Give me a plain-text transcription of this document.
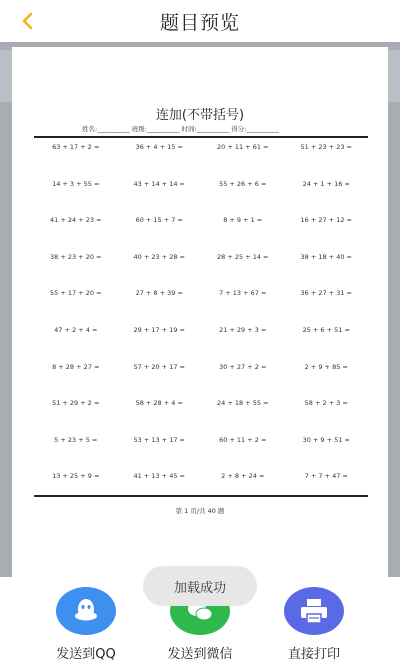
题目预览
连加(不带括号)
姓名:__________ 班级:__________ 时间:__________ 得分:__________
63 + 17 + 2 =	36 + 4 + 15 =	20 + 11 + 61 =	51 + 23 + 23 =
14 + 3 + 55 =	43 + 14 + 14 =	55 + 26 + 6 =	24 + 1 + 16 =
41 + 24 + 23 =	60 + 15 + 7 =	8 + 9 + 1 =	16 + 27 + 12 =
38 + 23 + 20 =	40 + 23 + 28 =	28 + 25 + 14 =	38 + 18 + 40 =
55 + 17 + 20 =	27 + 8 + 39 =	7 + 13 + 67 =	36 + 27 + 31 =
47 + 2 + 4 =	29 + 17 + 19 =	21 + 29 + 3 =	25 + 6 + 51 =
8 + 28 + 27 =	57 + 20 + 17 =	30 + 27 + 2 =	2 + 9 + 85 =
51 + 29 + 2 =	58 + 28 + 4 =	24 + 18 + 55 =	58 + 2 + 3 =
5 + 23 + 5 =	53 + 13 + 17 =	60 + 11 + 2 =	30 + 9 + 51 =
13 + 25 + 9 =	41 + 13 + 45 =	2 + 8 + 24 =	7 + 7 + 47 =
第 1 页/共 40 题
发送到QQ	发送到微信	直接打印
加载成功
